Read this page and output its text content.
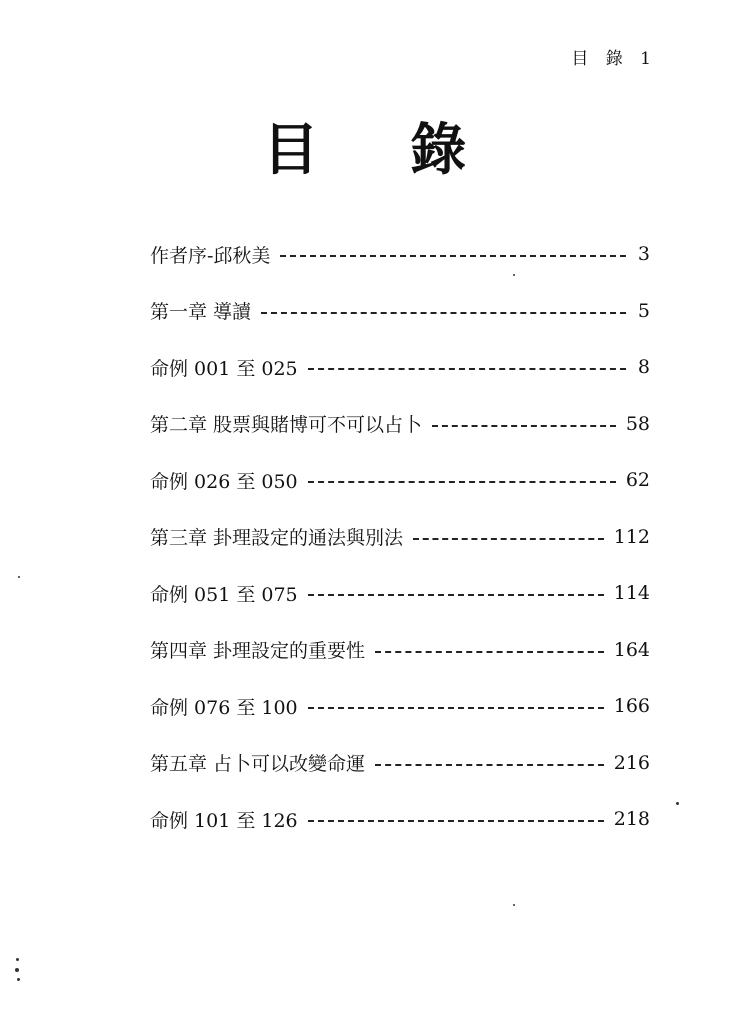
目 錄 1
目 錄
作者序-邱秋美	3
第一章 導讀	5
命例 001 至 025	8
第二章 股票與賭博可不可以占卜	58
命例 026 至 050	62
第三章 卦理設定的通法與別法	112
命例 051 至 075	114
第四章 卦理設定的重要性	164
命例 076 至 100	166
第五章 占卜可以改變命運	216
命例 101 至 126	218
